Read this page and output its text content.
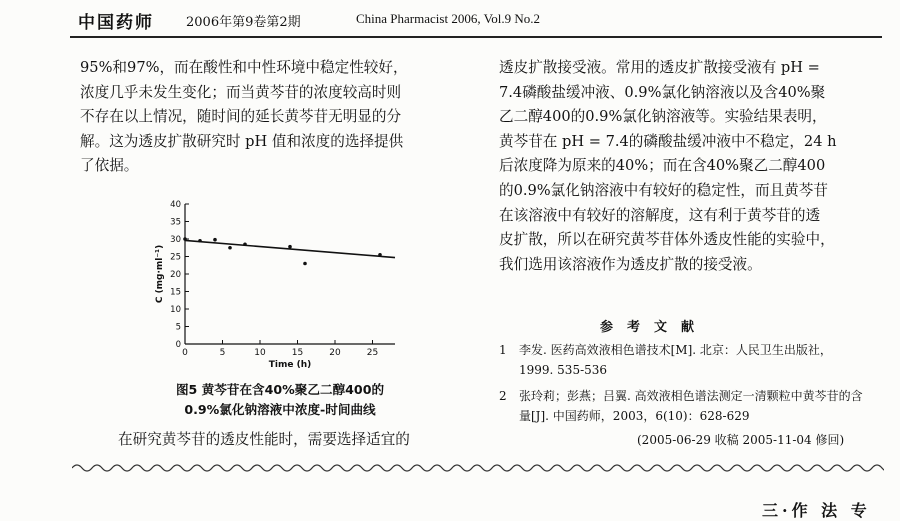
中国药师 2006年第9卷第2期	China Pharmacist 2006, Vol.9 No.2

95%和97%，而在酸性和中性环境中稳定性较好，
浓度几乎未发生变化；而当黄芩苷的浓度较高时则
不存在以上情况，随时间的延长黄芩苷无明显的分
解。这为透皮扩散研究时 pH 值和浓度的选择提供
了依据。

0	5	10	15	20	25
0
5
10
15
20
25
30
35
40
Time (h)
C (mg·ml⁻¹)
图5 黄芩苷在含40%聚乙二醇400的
0.9%氯化钠溶液中浓度-时间曲线
在研究黄芩苷的透皮性能时，需要选择适宜的

透皮扩散接受液。常用的透皮扩散接受液有 pH =
7.4磷酸盐缓冲液、0.9%氯化钠溶液以及含40%聚
乙二醇400的0.9%氯化钠溶液等。实验结果表明，
黄芩苷在 pH = 7.4的磷酸盐缓冲液中不稳定，24 h
后浓度降为原来的40%；而在含40%聚乙二醇400
的0.9%氯化钠溶液中有较好的稳定性，而且黄芩苷
在该溶液中有较好的溶解度，这有利于黄芩苷的透
皮扩散，所以在研究黄芩苷体外透皮性能的实验中，
我们选用该溶液作为透皮扩散的接受液。

参考文献
1 李发. 医药高效液相色谱技术[M]. 北京：人民卫生出版社，
1999. 535-536
2 张玲莉；彭燕；吕翼. 高效液相色谱法测定一清颗粒中黄芩苷的含
量[J]. 中国药师，2003，6(10)：628-629
(2005-06-29 收稿 2005-11-04 修回)
三·作 法 专
